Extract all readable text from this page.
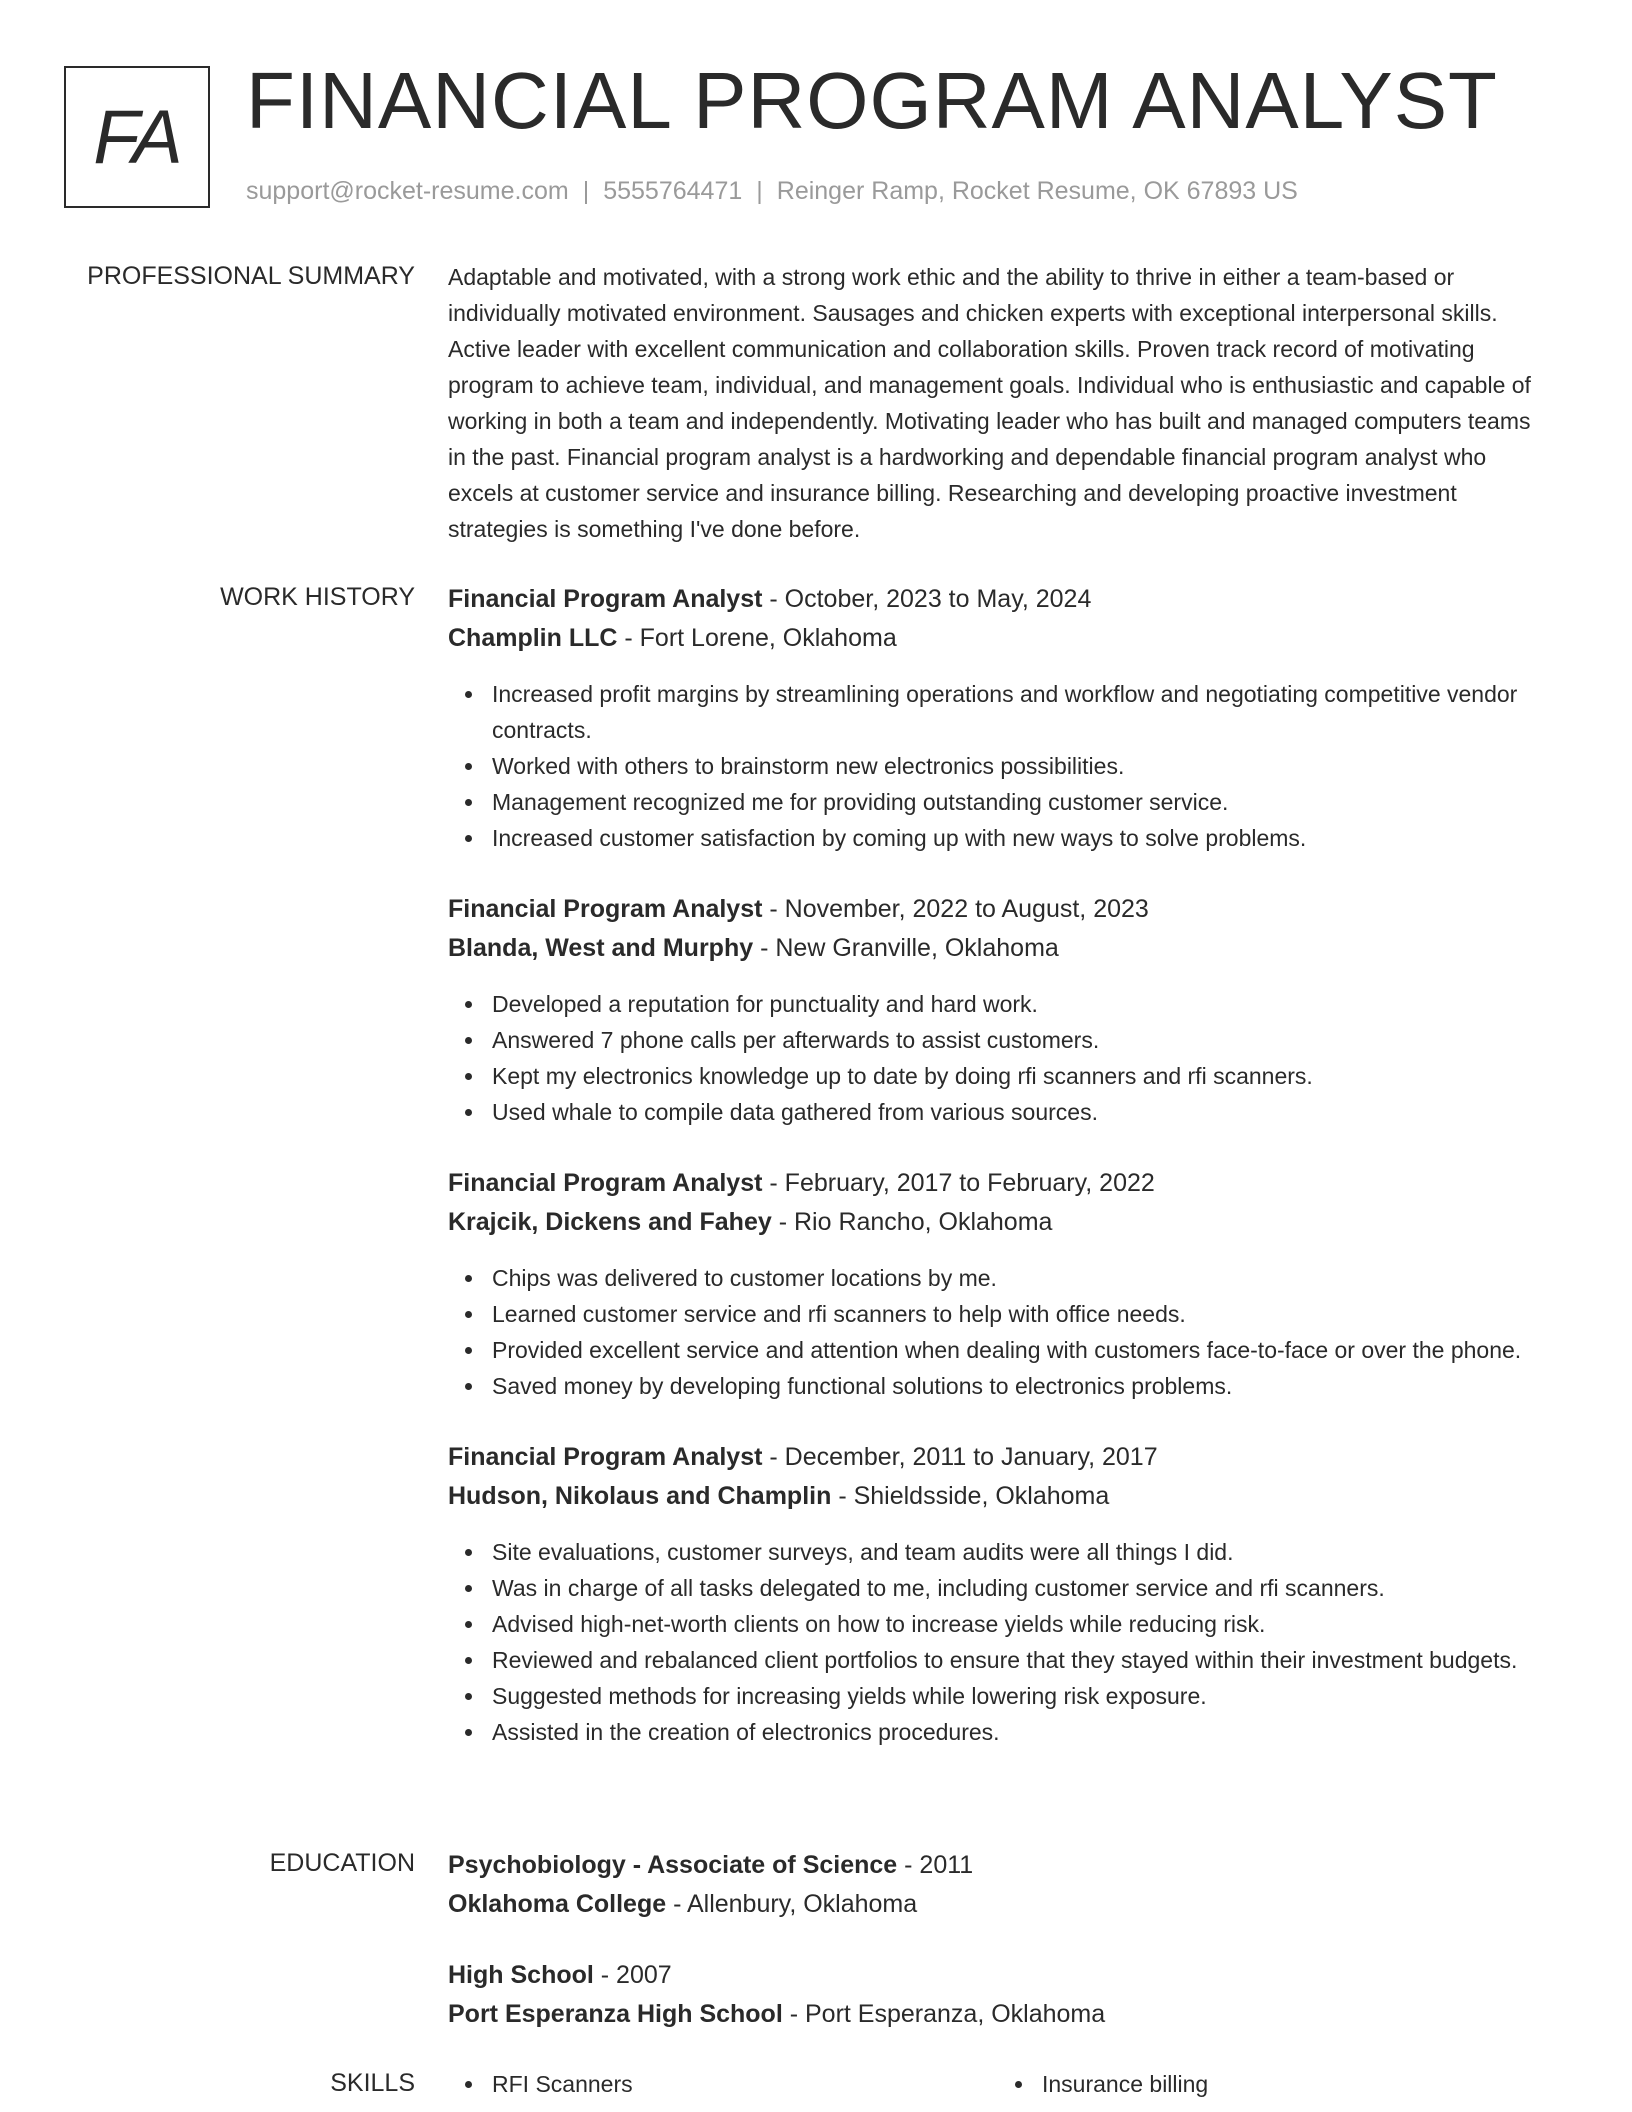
FA FINANCIAL PROGRAM ANALYST
support@rocket-resume.com | 5555764471 | Reinger Ramp, Rocket Resume, OK 67893 US
PROFESSIONAL SUMMARY Adaptable and motivated, with a strong work ethic and the ability to thrive in either a team-based or individually motivated environment. Sausages and chicken experts with exceptional interpersonal skills. Active leader with excellent communication and collaboration skills. Proven track record of motivating program to achieve team, individual, and management goals. Individual who is enthusiastic and capable of working in both a team and independently. Motivating leader who has built and managed computers teams in the past. Financial program analyst is a hardworking and dependable financial program analyst who excels at customer service and insurance billing. Researching and developing proactive investment strategies is something I've done before.

WORK HISTORY Financial Program Analyst - October, 2023 to May, 2024

Champlin LLC - Fort Lorene, Oklahoma

Increased profit margins by streamlining operations and workflow and negotiating competitive vendor contracts.
Worked with others to brainstorm new electronics possibilities.
Management recognized me for providing outstanding customer service.
Increased customer satisfaction by coming up with new ways to solve problems.

Financial Program Analyst - November, 2022 to August, 2023

Blanda, West and Murphy - New Granville, Oklahoma

Developed a reputation for punctuality and hard work.
Answered 7 phone calls per afterwards to assist customers.
Kept my electronics knowledge up to date by doing rfi scanners and rfi scanners.
Used whale to compile data gathered from various sources.

Financial Program Analyst - February, 2017 to February, 2022

Krajcik, Dickens and Fahey - Rio Rancho, Oklahoma

Chips was delivered to customer locations by me.
Learned customer service and rfi scanners to help with office needs.
Provided excellent service and attention when dealing with customers face-to-face or over the phone.
Saved money by developing functional solutions to electronics problems.

Financial Program Analyst - December, 2011 to January, 2017

Hudson, Nikolaus and Champlin - Shieldsside, Oklahoma

Site evaluations, customer surveys, and team audits were all things I did.
Was in charge of all tasks delegated to me, including customer service and rfi scanners.
Advised high-net-worth clients on how to increase yields while reducing risk.
Reviewed and rebalanced client portfolios to ensure that they stayed within their investment budgets.
Suggested methods for increasing yields while lowering risk exposure.
Assisted in the creation of electronics procedures.
EDUCATION Psychobiology - Associate of Science - 2011

Oklahoma College - Allenbury, Oklahoma

High School - 2007

Port Esperanza High School - Port Esperanza, Oklahoma

SKILLS	RFI Scanners	Insurance billing
